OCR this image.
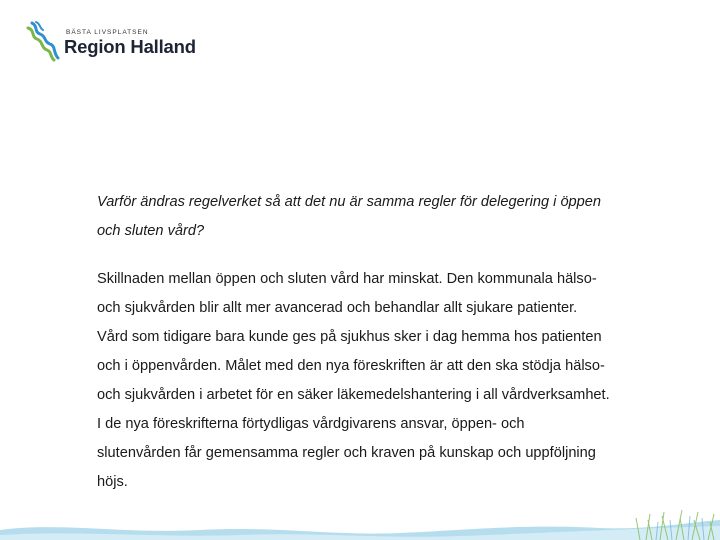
BÄSTA LIVSPLATSEN
Region Halland

Varför ändras regelverket så att det nu är samma regler för delegering i öppen

och sluten vård?

Skillnaden mellan öppen och sluten vård har minskat. Den kommunala hälso-

och sjukvården blir allt mer avancerad och behandlar allt sjukare patienter.

Vård som tidigare bara kunde ges på sjukhus sker i dag hemma hos patienten

och i öppenvården. Målet med den nya föreskriften är att den ska stödja hälso-

och sjukvården i arbetet för en säker läkemedelshantering i all vårdverksamhet.

I de nya föreskrifterna förtydligas vårdgivarens ansvar, öppen- och

slutenvården får gemensamma regler och kraven på kunskap och uppföljning

höjs.
